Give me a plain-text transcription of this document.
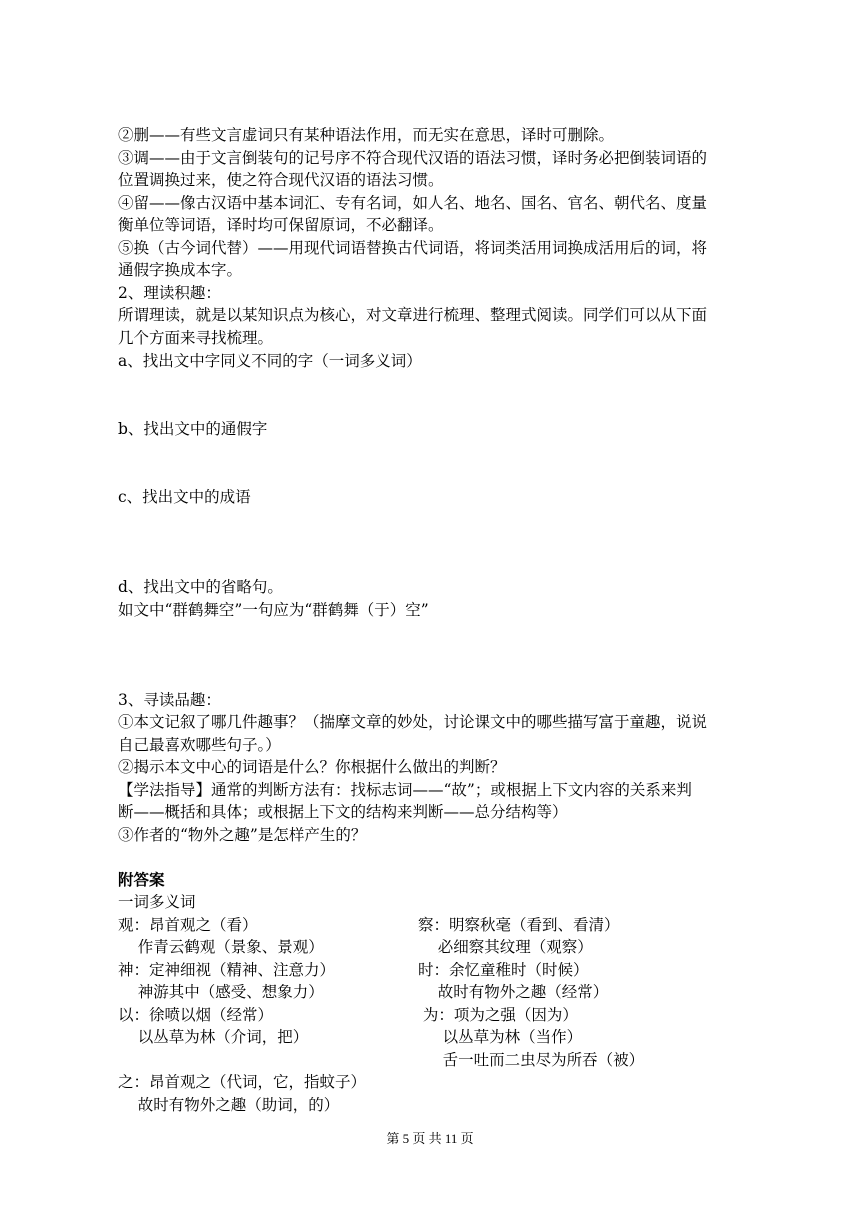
②删——有些文言虚词只有某种语法作用，而无实在意思，译时可删除。
③调——由于文言倒装句的记号序不符合现代汉语的语法习惯，译时务必把倒装词语的
位置调换过来，使之符合现代汉语的语法习惯。
④留——像古汉语中基本词汇、专有名词，如人名、地名、国名、官名、朝代名、度量
衡单位等词语，译时均可保留原词，不必翻译。
⑤换（古今词代替）——用现代词语替换古代词语，将词类活用词换成活用后的词，将
通假字换成本字。
2、理读积趣：
所谓理读，就是以某知识点为核心，对文章进行梳理、整理式阅读。同学们可以从下面
几个方面来寻找梳理。
a、找出文中字同义不同的字（一词多义词）
b、找出文中的通假字
c、找出文中的成语
d、找出文中的省略句。
如文中“群鹤舞空”一句应为“群鹤舞（于）空”
3、寻读品趣：
①本文记叙了哪几件趣事？（揣摩文章的妙处，讨论课文中的哪些描写富于童趣，说说
自己最喜欢哪些句子。）
②揭示本文中心的词语是什么？你根据什么做出的判断？
【学法指导】通常的判断方法有：找标志词——“故”；或根据上下文内容的关系来判
断——概括和具体；或根据上下文的结构来判断——总分结构等）
③作者的“物外之趣”是怎样产生的？
附答案
一词多义词
观：昂首观之（看）
作青云鹤观（景象、景观）
神：定神细视（精神、注意力）
神游其中（感受、想象力）
以：徐喷以烟（经常）
以丛草为林（介词，把）
察：明察秋毫（看到、看清）
必细察其纹理（观察）
时：余忆童稚时（时候）
故时有物外之趣（经常）
为：项为之强（因为）
以丛草为林（当作）
舌一吐而二虫尽为所吞（被）
之：昂首观之（代词，它，指蚊子）
故时有物外之趣（助词，的）
第 5 页 共 11 页
